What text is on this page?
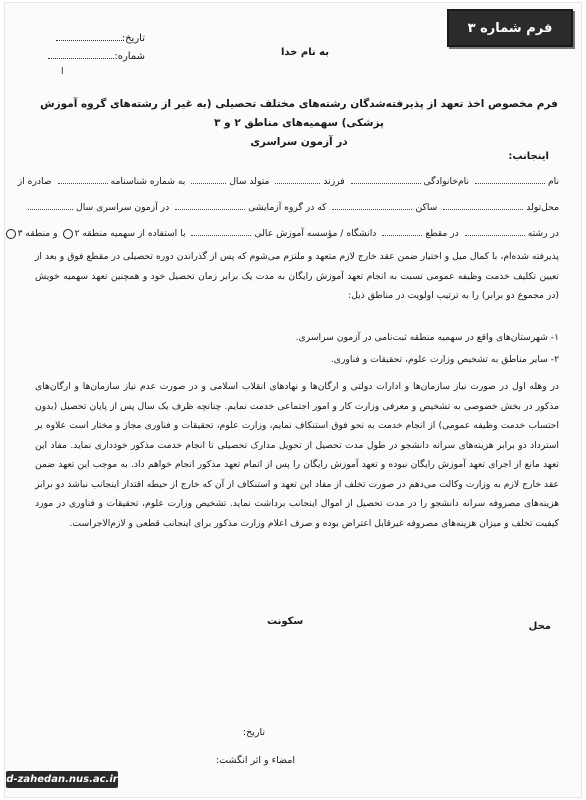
فرم شماره ۳
تاریخ:
شماره:
ا
به نام خدا
فرم مخصوص اخذ تعهد از پذیرفته‌شدگان رشته‌های مختلف تحصیلی (به غیر از رشته‌های گروه آموزش پزشکی) سهمیه‌های مناطق ۲ و ۳
در آزمون سراسری
اینجانب:
نام نام‌خانوادگی فرزند متولد سال به شماره شناسنامه صادره از
محل‌تولد ساکن که در گروه آزمایشی در آزمون سراسری سال
در رشته در مقطع دانشگاه / مؤسسه آموزش عالی با استفاده از سهمیه منطقه ۲ و منطقه ۳
پذیرفته شده‌ام، با کمال میل و اختیار ضمن عقد خارج لازم متعهد و ملتزم می‌شوم که پس از گذراندن دوره تحصیلی در مقطع فوق و بعد از تعیین تکلیف خدمت وظیفه عمومی نسبت به انجام تعهد آموزش رایگان به مدت یک برابر زمان تحصیل خود و همچنین تعهد سهمیه خویش (در مجموع دو برابر) را به ترتیب اولویت در مناطق ذیل:
۱- شهرستان‌های واقع در سهمیه منطقه ثبت‌نامی در آزمون سراسری.
۲- سایر مناطق به تشخیص وزارت علوم، تحقیقات و فناوری.
در وهله اول در صورت نیاز سازمان‌ها و ادارات دولتی و ارگان‌ها و نهادهای انقلاب اسلامی و در صورت عدم نیاز سازمان‌ها و ارگان‌های مذکور در بخش خصوصی به تشخیص و معرفی وزارت کار و امور اجتماعی خدمت نمایم. چنانچه ظرف یک سال پس از پایان تحصیل (بدون احتساب خدمت وظیفه عمومی) از انجام خدمت به نحو فوق استنکاف نمایم، وزارت علوم، تحقیقات و فناوری مجاز و مختار است علاوه بر استرداد دو برابر هزینه‌های سرانه دانشجو در طول مدت تحصیل از تحویل مدارک تحصیلی تا انجام خدمت مذکور خودداری نماید. مفاد این تعهد مانع از اجرای تعهد آموزش رایگان نبوده و تعهد آموزش رایگان را پس از اتمام تعهد مذکور انجام خواهم داد. به موجب این تعهد ضمن عقد خارج لازم به وزارت وکالت می‌دهم در صورت تخلف از مفاد این تعهد و استنکاف از آن که خارج از حیطه اقتدار اینجانب نباشد دو برابر هزینه‌های مصروفه سرانه دانشجو را در مدت تحصیل از اموال اینجانب برداشت نماید. تشخیص وزارت علوم، تحقیقات و فناوری در مورد کیفیت تخلف و میزان هزینه‌های مصروفه غیرقابل اعتراض بوده و صرف اعلام وزارت مذکور برای اینجانب قطعی و لازم‌الاجراست.
محل
سکونت
تاریخ:
امضاء و اثر انگشت:
d-zahedan.nus.ac.ir
